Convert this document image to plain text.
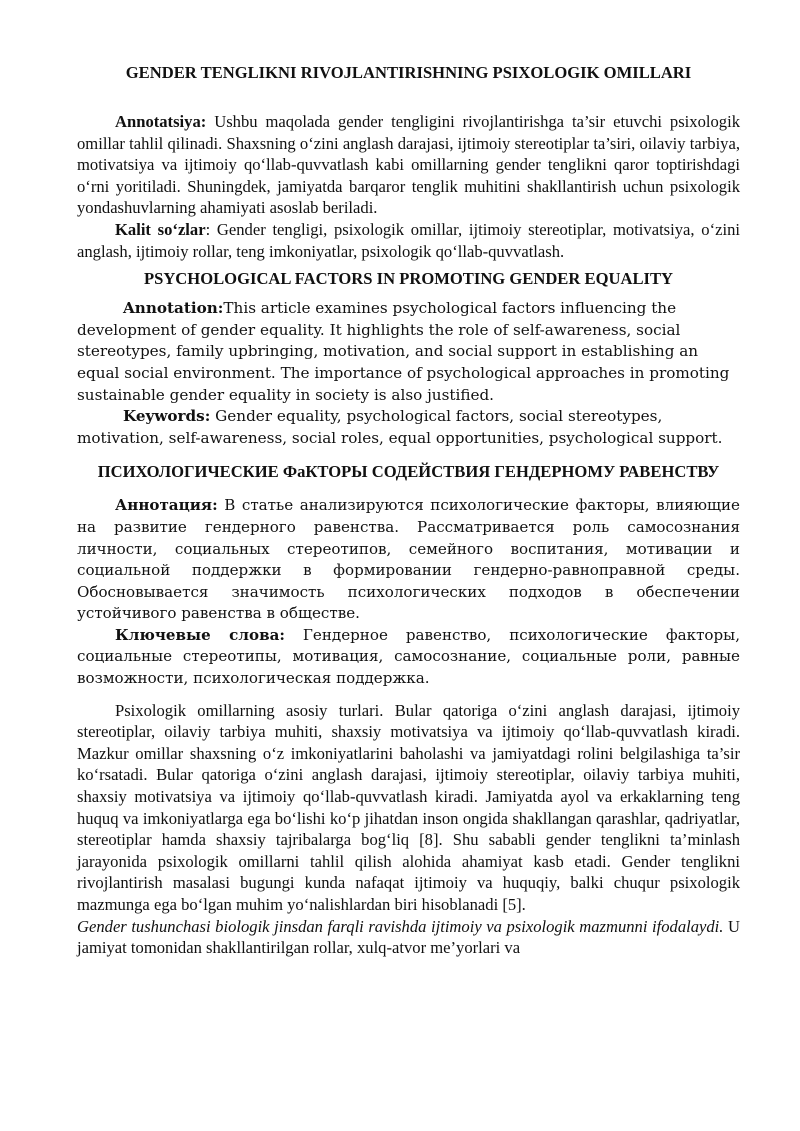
GENDER TENGLIKNI RIVOJLANTIRISHNING PSIXOLOGIK OMILLARI

Annotatsiya: Ushbu maqolada gender tengligini rivojlantirishga ta’sir etuvchi psixologik omillar tahlil qilinadi. Shaxsning o‘zini anglash darajasi, ijtimoiy stereotiplar ta’siri, oilaviy tarbiya, motivatsiya va ijtimoiy qo‘llab-quvvatlash kabi omillarning gender tenglikni qaror toptirishdagi o‘rni yoritiladi. Shuningdek, jamiyatda barqaror tenglik muhitini shakllantirish uchun psixologik yondashuvlarning ahamiyati asoslab beriladi.

Kalit so‘zlar: Gender tengligi, psixologik omillar, ijtimoiy stereotiplar, motivatsiya, o‘zini anglash, ijtimoiy rollar, teng imkoniyatlar, psixologik qo‘llab-quvvatlash.

PSYCHOLOGICAL FACTORS IN PROMOTING GENDER EQUALITY

Annotation:This article examines psychological factors influencing the development of gender equality. It highlights the role of self-awareness, social stereotypes, family upbringing, motivation, and social support in establishing an equal social environment. The importance of psychological approaches in promoting sustainable gender equality in society is also justified.

Keywords: Gender equality, psychological factors, social stereotypes, motivation, self-awareness, social roles, equal opportunities, psychological support.

ПСИХОЛОГИЧЕСКИЕ ФаКТОРЫ СОДЕЙСТВИЯ ГЕНДЕРНОМУ РАВЕНСТВУ

Аннотация: В статье анализируются психологические факторы, влияющие на развитие гендерного равенства. Рассматривается роль самосознания личности, социальных стереотипов, семейного воспитания, мотивации и социальной поддержки в формировании гендерно-равноправной среды. Обосновывается значимость психологических подходов в обеспечении устойчивого равенства в обществе.

Ключевые слова: Гендерное равенство, психологические факторы, социальные стереотипы, мотивация, самосознание, социальные роли, равные возможности, психологическая поддержка.

Psixologik omillarning asosiy turlari. Bular qatoriga o‘zini anglash darajasi, ijtimoiy stereotiplar, oilaviy tarbiya muhiti, shaxsiy motivatsiya va ijtimoiy qo‘llab-quvvatlash kiradi. Mazkur omillar shaxsning o‘z imkoniyatlarini baholashi va jamiyatdagi rolini belgilashiga ta’sir ko‘rsatadi. Bular qatoriga o‘zini anglash darajasi, ijtimoiy stereotiplar, oilaviy tarbiya muhiti, shaxsiy motivatsiya va ijtimoiy qo‘llab-quvvatlash kiradi. Jamiyatda ayol va erkaklarning teng huquq va imkoniyatlarga ega bo‘lishi ko‘p jihatdan inson ongida shakllangan qarashlar, qadriyatlar, stereotiplar hamda shaxsiy tajribalarga bog‘liq [8]. Shu sababli gender tenglikni ta’minlash jarayonida psixologik omillarni tahlil qilish alohida ahamiyat kasb etadi. Gender tenglikni rivojlantirish masalasi bugungi kunda nafaqat ijtimoiy va huquqiy, balki chuqur psixologik mazmunga ega bo‘lgan muhim yo‘nalishlardan biri hisoblanadi [5].

Gender tushunchasi biologik jinsdan farqli ravishda ijtimoiy va psixologik mazmunni ifodalaydi. U jamiyat tomonidan shakllantirilgan rollar, xulq-atvor me’yorlari va
